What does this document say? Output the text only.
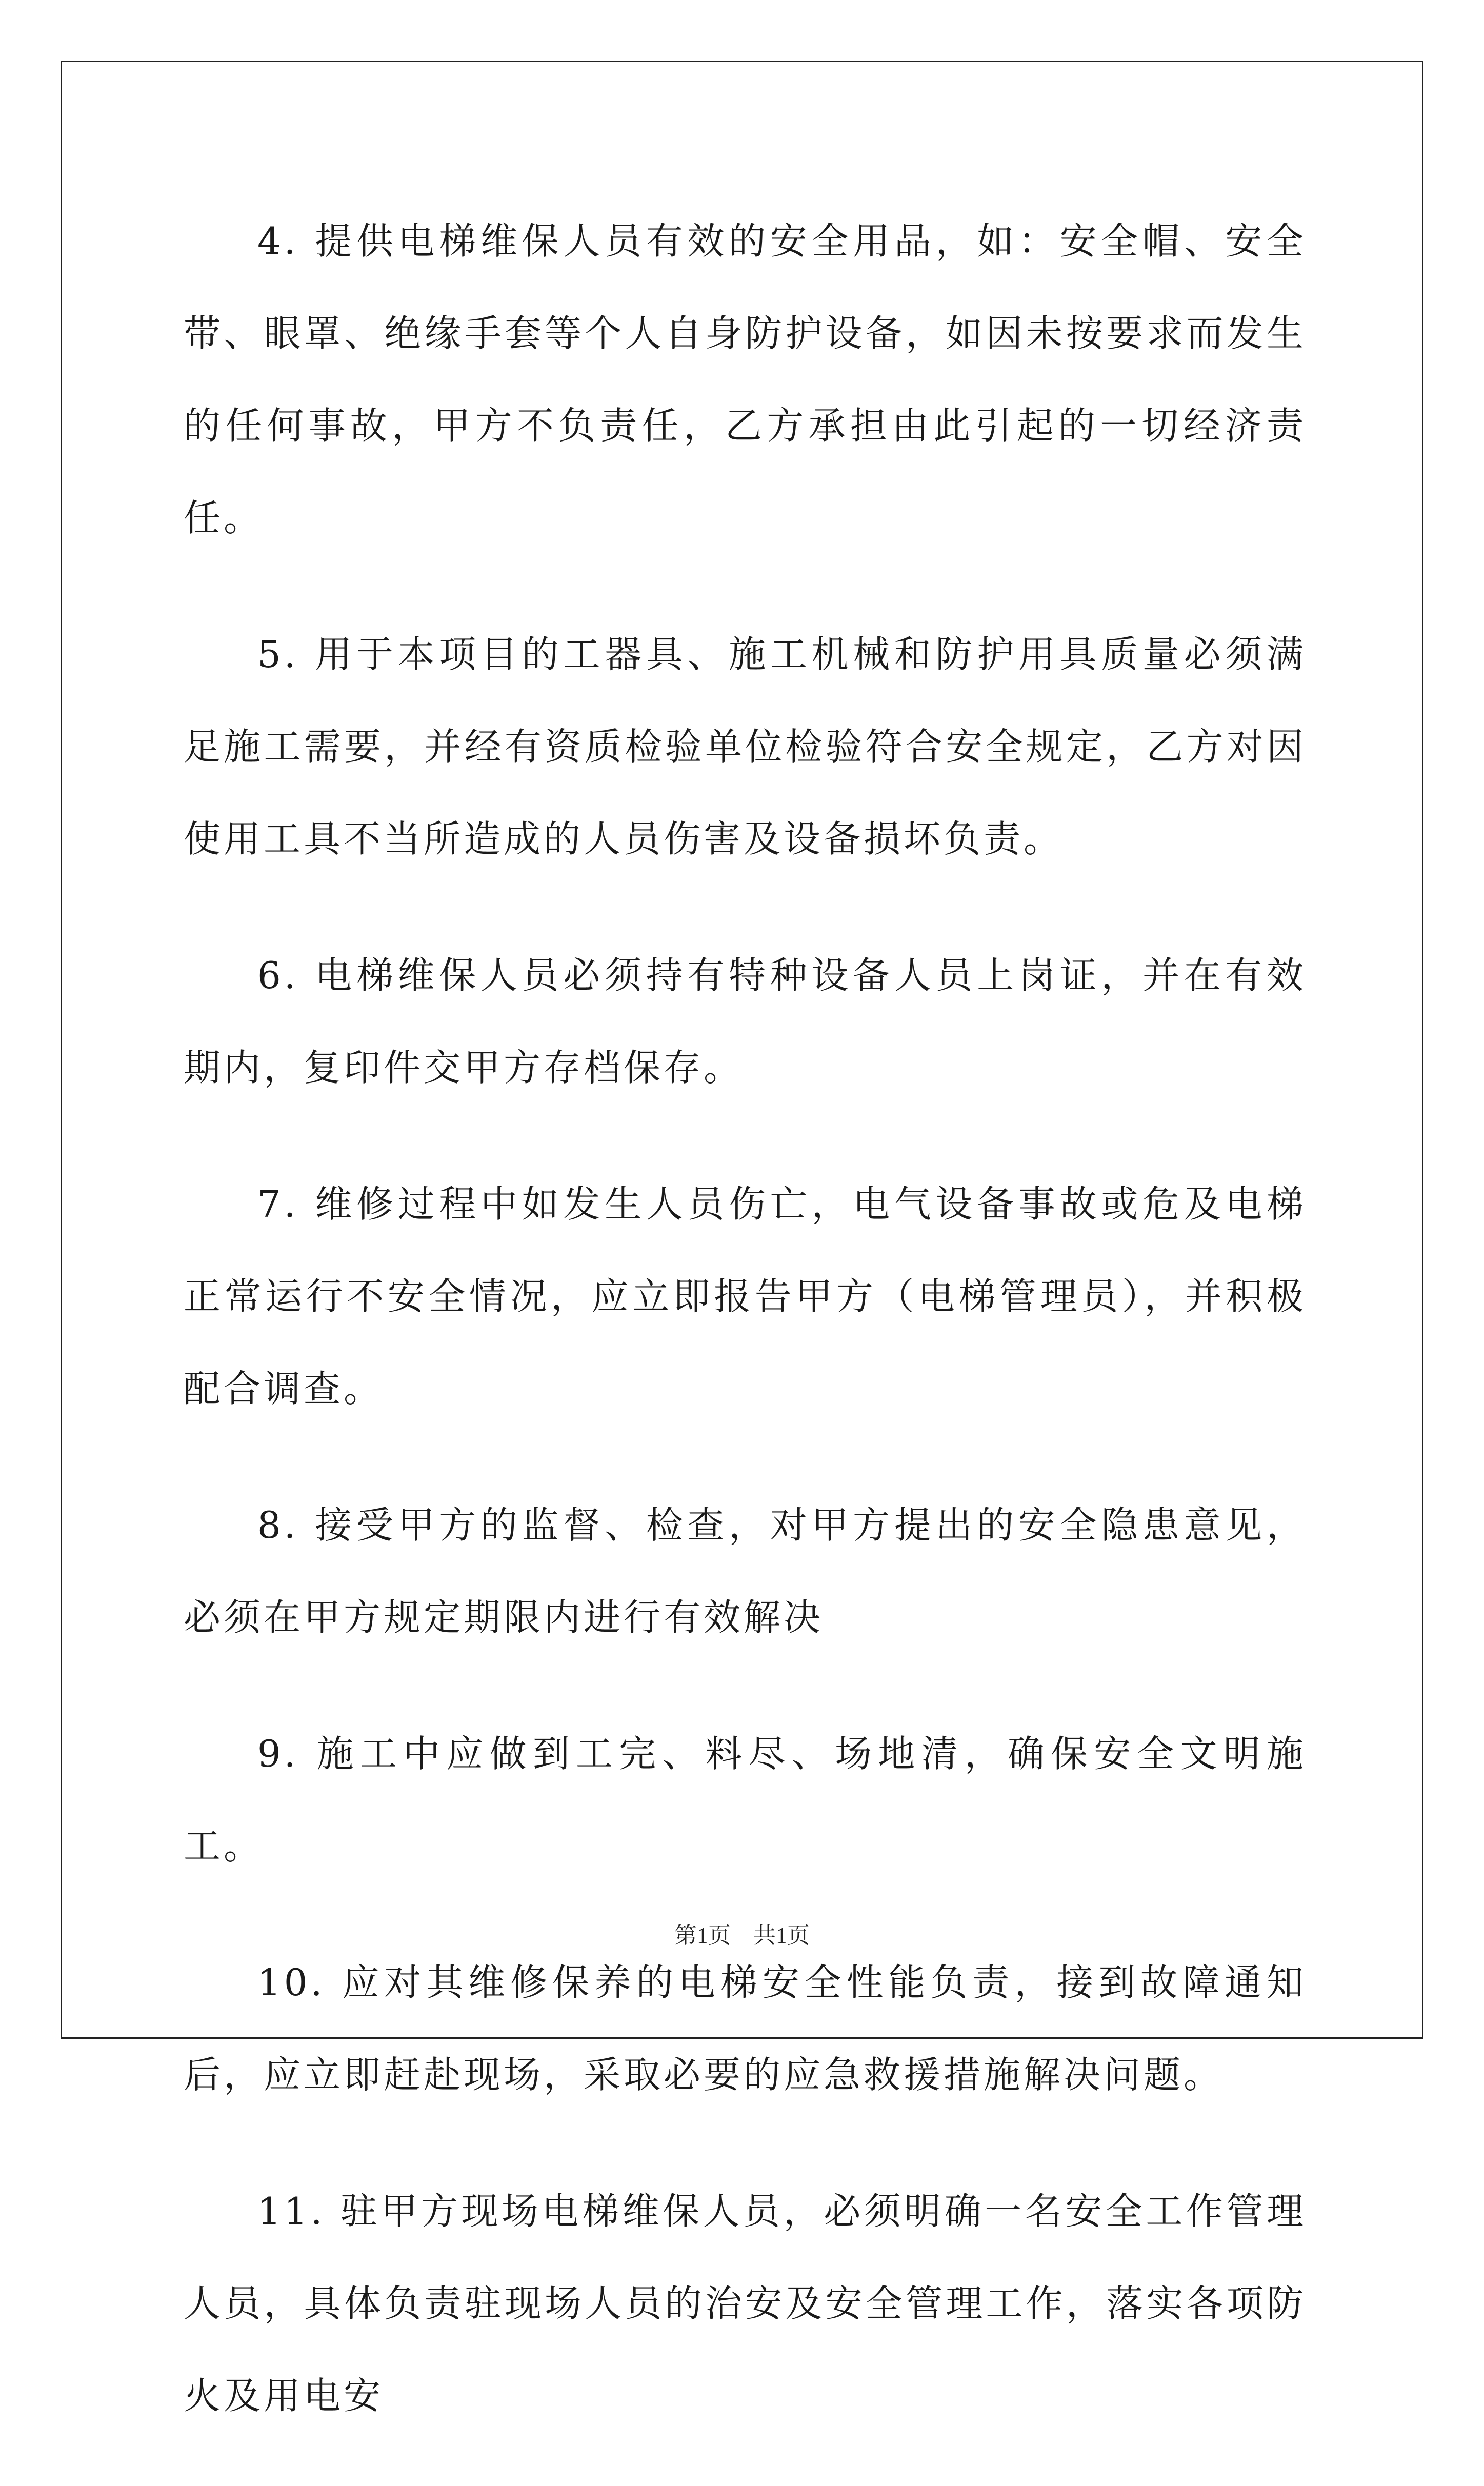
4. 提供电梯维保人员有效的安全用品，如：安全帽、安全带、眼罩、绝缘手套等个人自身防护设备，如因未按要求而发生的任何事故，甲方不负责任，乙方承担由此引起的一切经济责任。

5. 用于本项目的工器具、施工机械和防护用具质量必须满足施工需要，并经有资质检验单位检验符合安全规定，乙方对因使用工具不当所造成的人员伤害及设备损坏负责。

6. 电梯维保人员必须持有特种设备人员上岗证，并在有效期内，复印件交甲方存档保存。

7. 维修过程中如发生人员伤亡，电气设备事故或危及电梯正常运行不安全情况，应立即报告甲方（电梯管理员），并积极配合调查。

8. 接受甲方的监督、检查，对甲方提出的安全隐患意见，必须在甲方规定期限内进行有效解决

9. 施工中应做到工完、料尽、场地清，确保安全文明施工。

10. 应对其维修保养的电梯安全性能负责，接到故障通知后，应立即赶赴现场，采取必要的应急救援措施解决问题。

11. 驻甲方现场电梯维保人员，必须明确一名安全工作管理人员，具体负责驻现场人员的治安及安全管理工作，落实各项防火及用电安

第1页　共1页
